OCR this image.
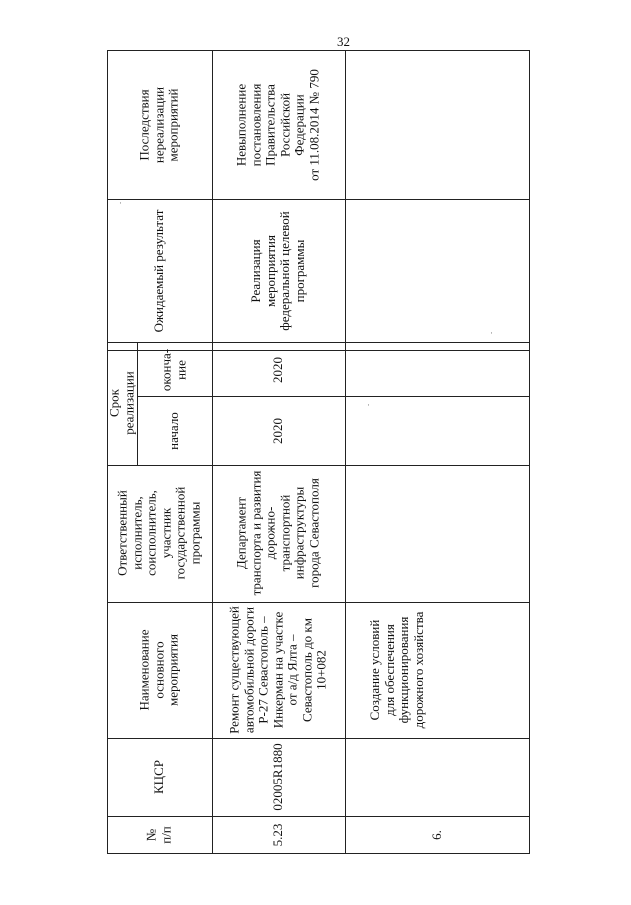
32
Последствия
нереализации
мероприятий
Ожидаемый результат
Срок
реализации
оконча-
ние
начало
Ответственный
исполнитель,
соисполнитель,
участник
государственной
программы
Наименование
основного
мероприятия
КЦСР
№
п/п
Невыполнение
постановления
Правительства
Российской
Федерации
от 11.08.2014 № 790
Реализация
мероприятия
федеральной целевой
программы
2020
2020
Департамент
транспорта и развития
дорожно-
транспортной
инфраструктуры
города Севастополя
Ремонт существующей
автомобильной дороги
Р-27 Севастополь –
Инкерман на участке
от а/д Ялта –
Севастополь до км
10+082
02005R1880
5.23
Создание условий
для обеспечения
функционирования
дорожного хозяйства
6.
·
·
·
